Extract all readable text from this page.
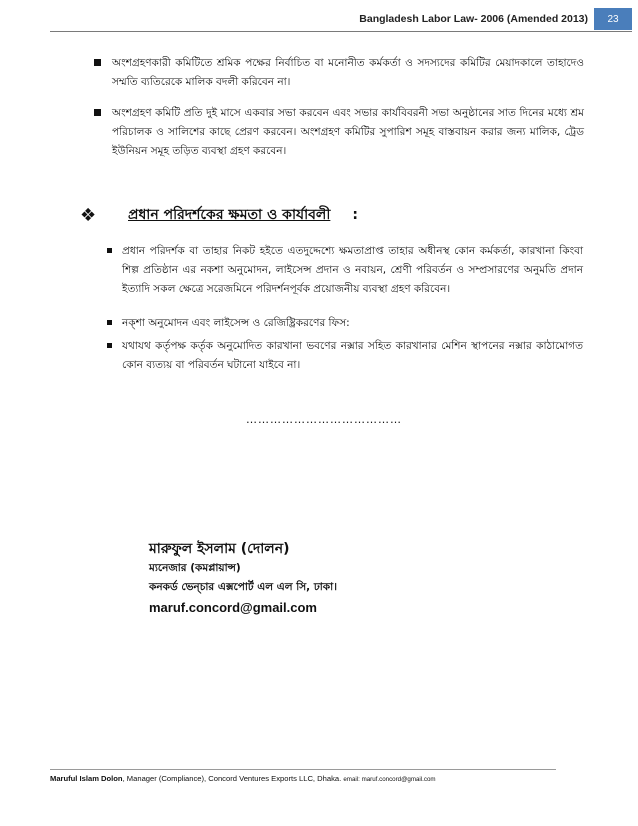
Bangladesh Labor Law- 2006 (Amended 2013)	23
অংশগ্রহণকারী কমিটিতে শ্রমিক পক্ষের নির্বাচিত বা মনোনীত কর্মকর্তা ও সদস্যদের কমিটির মেয়াদকালে তাহাদেও সম্মতি ব্যতিরেকে মালিক বদলী করিবেন না।
অংশগ্রহণ কমিটি প্রতি দুই মাসে একবার সভা করবেন এবং সভার কার্যবিবরনী সভা অনুষ্ঠানের সাত দিনের মধ্যে শ্রম পরিচালক ও সালিশের কাছে প্রেরণ করবেন। অংশগ্রহণ কমিটির সুপারিশ সমূহ বাস্তবায়ন করার জন্য মালিক, ট্রেড ইউনিয়ন সমূহ তড়িত ব্যবস্থা গ্রহণ করবেন।
❖	প্রধান পরিদর্শকের ক্ষমতা ও কার্যাবলী :
প্রধান পরিদর্শক বা তাহার নিকট হইতে এতদুদ্দেশ্যে ক্ষমতাপ্রাপ্ত তাহার অধীনস্থ কোন কর্মকর্তা, কারখানা কিংবা শিল্প প্রতিষ্ঠান এর নকশা অনুমোদন, লাইসেন্স প্রদান ও নবায়ন, শ্রেণী পরিবর্তন ও সম্প্রসারণের অনুমতি প্রদান ইত্যাদি সকল ক্ষেত্রে সরেজমিনে পরিদর্শনপূর্বক প্রয়োজনীয় ব্যবস্থা গ্রহণ করিবেন।
নক্শা অনুমোদন এবং লাইসেন্স ও রেজিষ্ট্রিকরণের ফিস:
যথাযথ কর্তৃপক্ষ কর্তৃক অনুমোদিত কারখানা ভবণের নক্সার সহিত কারখানার মেশিন স্থাপনের নক্সার কাঠামোগত কোন ব্যত্যয় বা পরিবর্তন ঘটানো যাইবে না।
…………………………………
মারুফুল ইসলাম (দোলন)
ম্যনেজার (কমপ্লায়ান্স)
কনকর্ড ভেন্চার এক্সপোর্ট এল এল সি, ঢাকা।
maruf.concord@gmail.com
Maruful Islam Dolon, Manager (Compliance), Concord Ventures Exports LLC, Dhaka. email: maruf.concord@gmail.com
